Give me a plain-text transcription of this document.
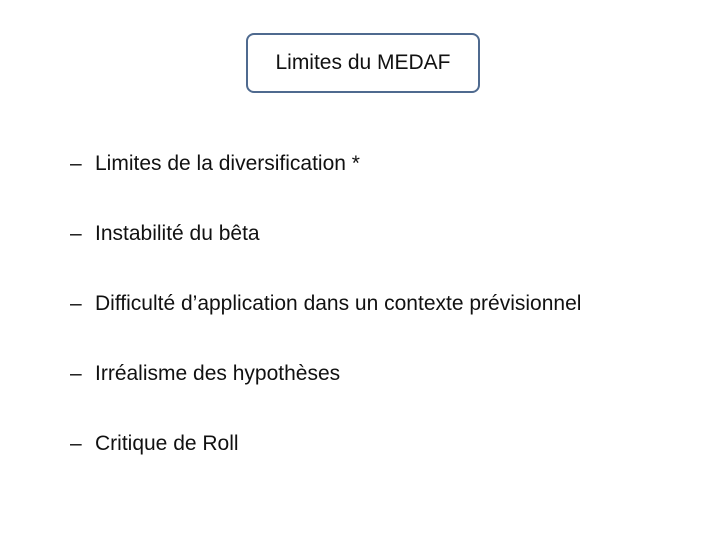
Limites du MEDAF
– Limites de la diversification *
– Instabilité du bêta
– Difficulté d’application dans un contexte prévisionnel
– Irréalisme des hypothèses
– Critique de Roll
